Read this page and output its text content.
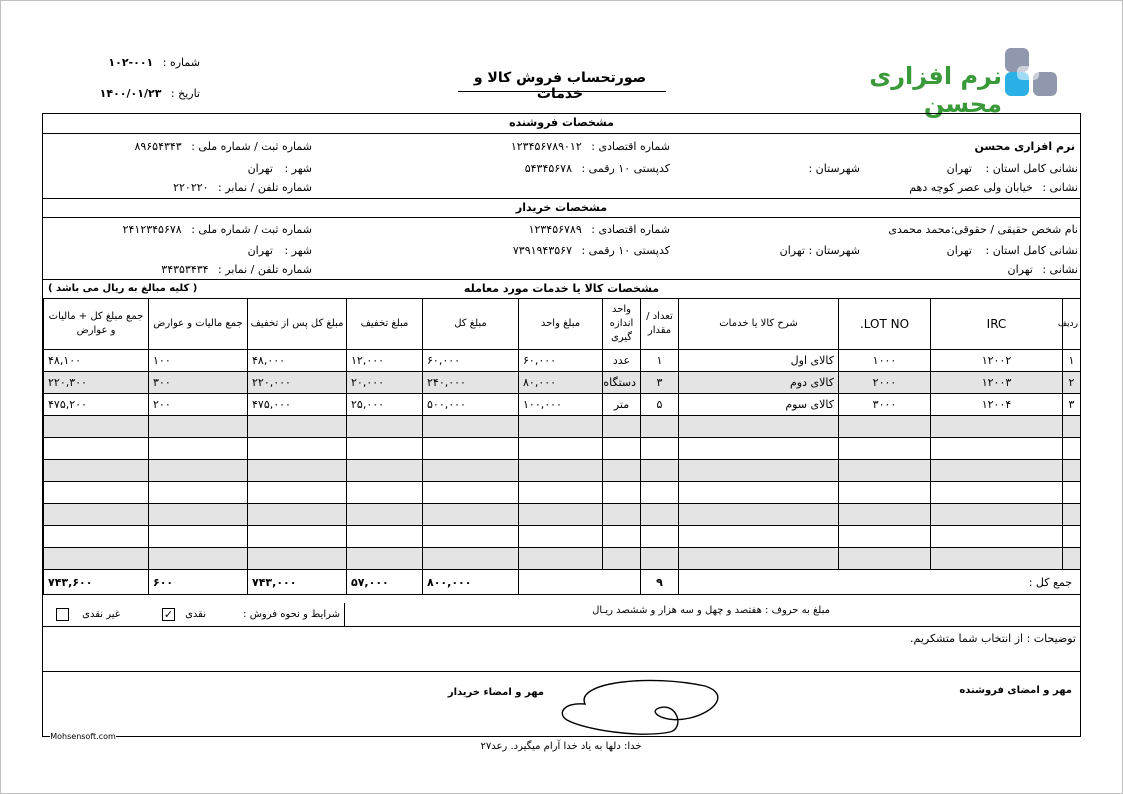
نرم افزاری محسن
صورتحساب فروش کالا و خدمات
شماره : ۰۰۱-۱۰۲
تاریخ : ۱۴۰۰/۰۱/۲۳
مشخصات فروشنده
نرم افزاری محسن
شماره اقتصادی : ۱۲۳۴۵۶۷۸۹۰۱۲
شماره ثبت / شماره ملی : ۸۹۶۵۴۳۴۳
نشانی کامل استان : تهران
شهرستان :
کدپستی ۱۰ رقمی : ۵۴۳۴۵۶۷۸
شهر : تهران
نشانی : خیابان ولی عصر کوچه دهم
شماره تلفن / نمابر : ۲۲۰۲۲۰
مشخصات خریدار
نام شخص حقیقی / حقوقی:محمد محمدی
شماره اقتصادی : ۱۲۳۴۵۶۷۸۹
شماره ثبت / شماره ملی : ۲۴۱۲۳۴۵۶۷۸
نشانی کامل استان : تهران
شهرستان : تهران
کدپستی ۱۰ رقمی : ۷۳۹۱۹۴۳۵۶۷
شهر : تهران
نشانی : تهران
شماره تلفن / نمابر : ۳۴۳۵۳۴۳۴
مشخصات کالا یا خدمات مورد معامله
( کلیه مبالغ به ریال می باشد )
ردیف	IRC	LOT NO.	شرح کالا یا خدمات	تعداد / مقدار	واحد اندازه گیری	مبلغ واحد	مبلغ کل	مبلغ تخفیف	مبلغ کل پس از تخفیف	جمع مالیات و عوارض	جمع مبلغ کل + مالیات و عوارض
۱	۱۲۰۰۲	۱۰۰۰	کالای اول	۱	عدد	۶۰,۰۰۰	۶۰,۰۰۰	۱۲,۰۰۰	۴۸,۰۰۰	۱۰۰	۴۸,۱۰۰
۲	۱۲۰۰۳	۲۰۰۰	کالای دوم	۳	دستگاه	۸۰,۰۰۰	۲۴۰,۰۰۰	۲۰,۰۰۰	۲۲۰,۰۰۰	۳۰۰	۲۲۰,۳۰۰
۳	۱۲۰۰۴	۳۰۰۰	کالای سوم	۵	متر	۱۰۰,۰۰۰	۵۰۰,۰۰۰	۲۵,۰۰۰	۴۷۵,۰۰۰	۲۰۰	۴۷۵,۲۰۰

جمع کل :				۹			۸۰۰,۰۰۰	۵۷,۰۰۰	۷۴۳,۰۰۰	۶۰۰	۷۴۳,۶۰۰
مبلغ به حروف : هفتصد و چهل و سه هزار و ششصد ریـال
شرایط و نحوه فروش :
نقدی
✓
غیر نقدی
توضیحات : از انتخاب شما متشکریم.
مهر و امضای فروشنده
مهر و امضاء خریدار
Mohsensoft.com
خدا: دلها به یاد خدا آرام میگیرد. رعد۲۷
